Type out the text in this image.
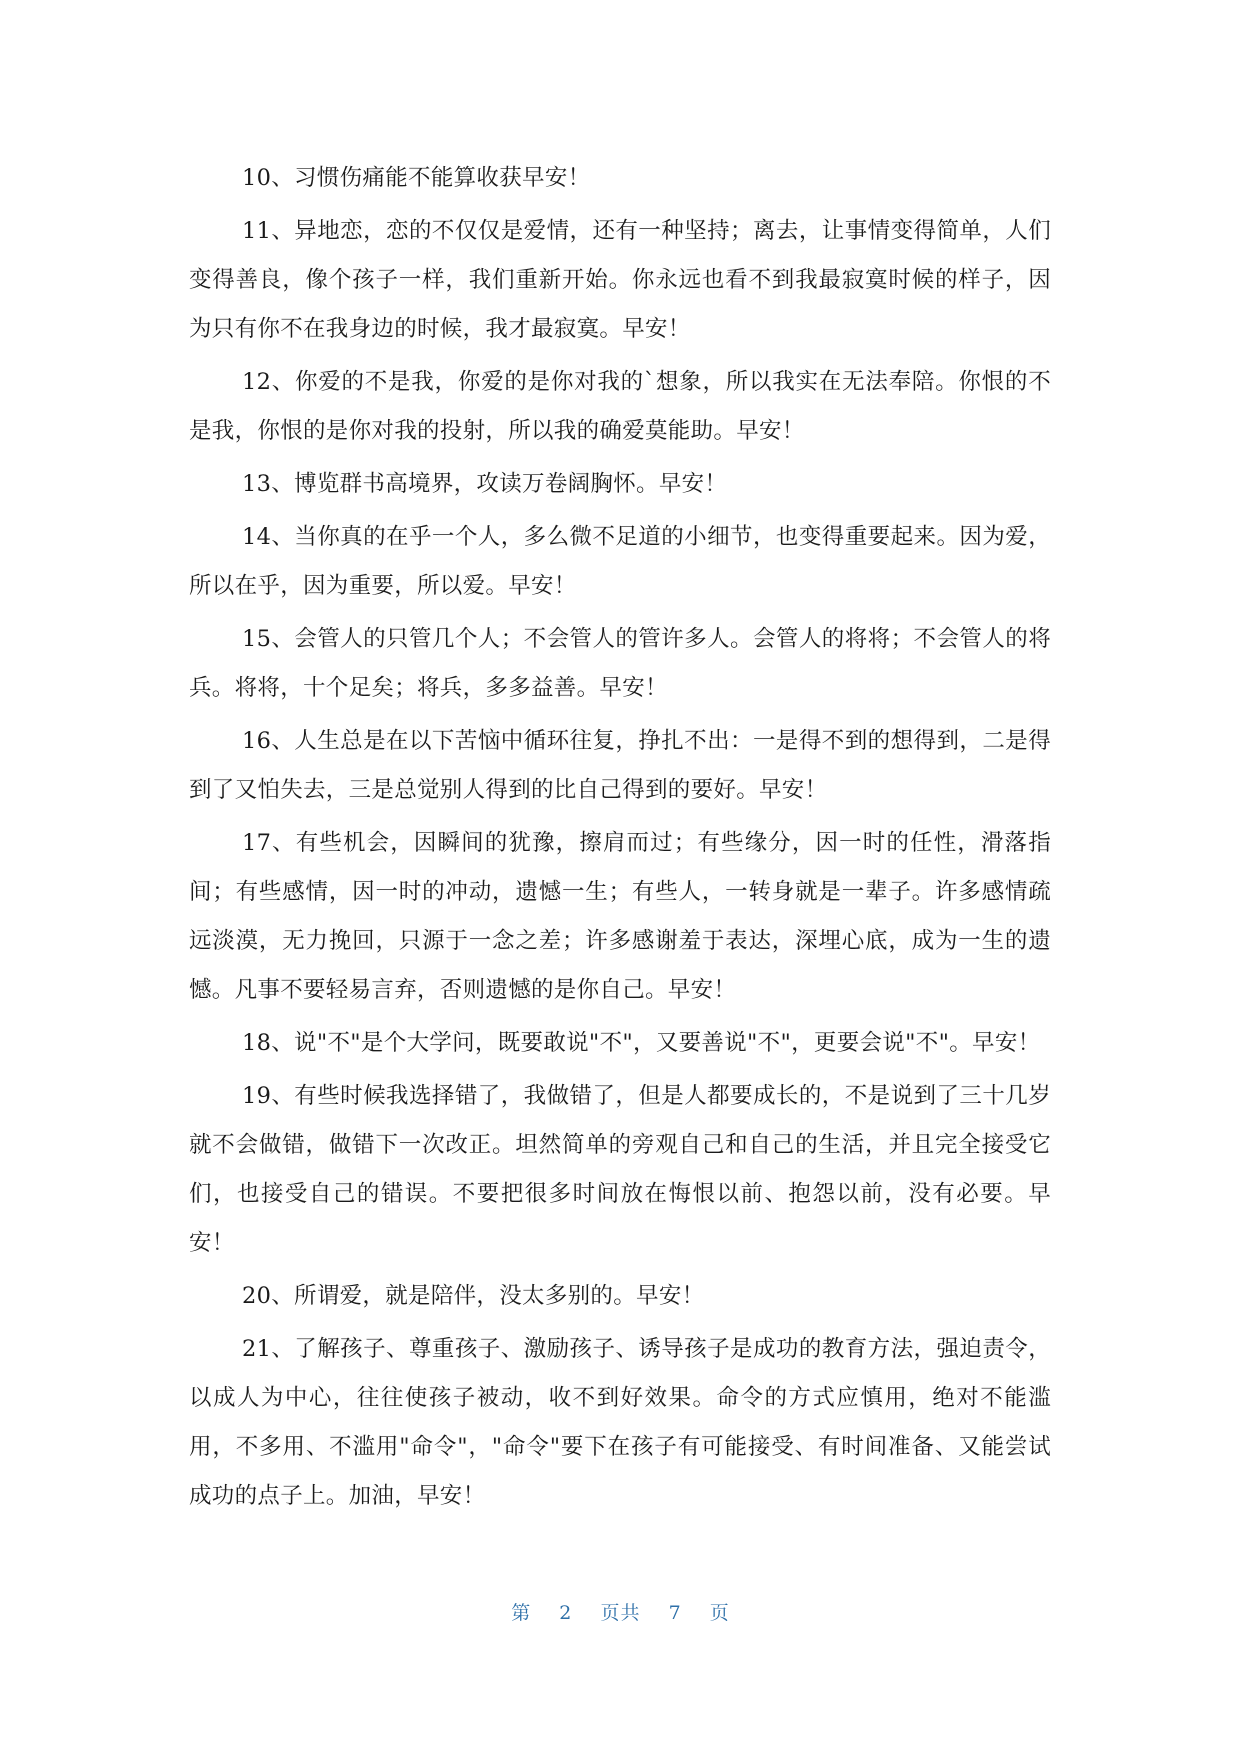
10、习惯伤痛能不能算收获早安！

11、异地恋，恋的不仅仅是爱情，还有一种坚持；离去，让事情变得简单，人们变得善良，像个孩子一样，我们重新开始。你永远也看不到我最寂寞时候的样子，因为只有你不在我身边的时候，我才最寂寞。早安！

12、你爱的不是我，你爱的是你对我的`想象，所以我实在无法奉陪。你恨的不是我，你恨的是你对我的投射，所以我的确爱莫能助。早安！

13、博览群书高境界，攻读万卷阔胸怀。早安！

14、当你真的在乎一个人，多么微不足道的小细节，也变得重要起来。因为爱，所以在乎，因为重要，所以爱。早安！

15、会管人的只管几个人；不会管人的管许多人。会管人的将将；不会管人的将兵。将将，十个足矣；将兵，多多益善。早安！

16、人生总是在以下苦恼中循环往复，挣扎不出：一是得不到的想得到，二是得到了又怕失去，三是总觉别人得到的比自己得到的要好。早安！

17、有些机会，因瞬间的犹豫，擦肩而过；有些缘分，因一时的任性，滑落指间；有些感情，因一时的冲动，遗憾一生；有些人，一转身就是一辈子。许多感情疏远淡漠，无力挽回，只源于一念之差；许多感谢羞于表达，深埋心底，成为一生的遗憾。凡事不要轻易言弃，否则遗憾的是你自己。早安！

18、说"不"是个大学问，既要敢说"不"，又要善说"不"，更要会说"不"。早安！

19、有些时候我选择错了，我做错了，但是人都要成长的，不是说到了三十几岁就不会做错，做错下一次改正。坦然简单的旁观自己和自己的生活，并且完全接受它们，也接受自己的错误。不要把很多时间放在悔恨以前、抱怨以前，没有必要。早安！

20、所谓爱，就是陪伴，没太多别的。早安！

21、了解孩子、尊重孩子、激励孩子、诱导孩子是成功的教育方法，强迫责令，以成人为中心，往往使孩子被动，收不到好效果。命令的方式应慎用，绝对不能滥用，不多用、不滥用"命令"，"命令"要下在孩子有可能接受、有时间准备、又能尝试成功的点子上。加油，早安！

第 2 页共 7 页
